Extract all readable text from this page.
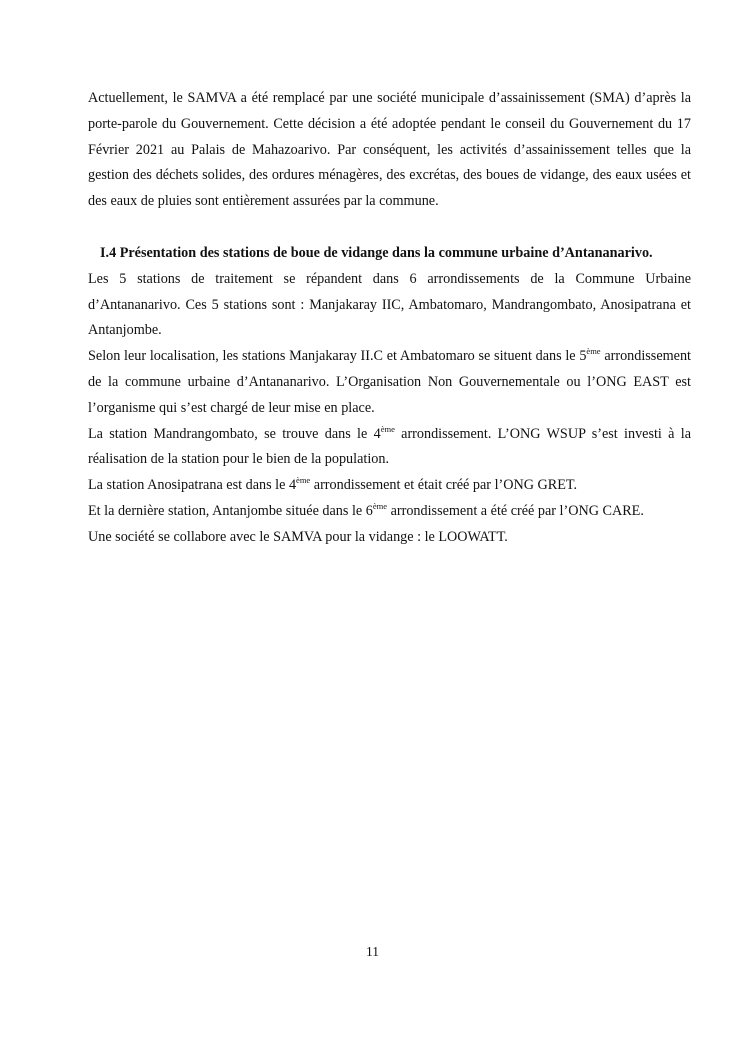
Actuellement, le SAMVA a été remplacé par une société municipale d’assainissement (SMA) d’après la porte-parole du Gouvernement. Cette décision a été adoptée pendant le conseil du Gouvernement du 17 Février 2021 au Palais de Mahazoarivo. Par conséquent, les activités d’assainissement telles que la gestion des déchets solides, des ordures ménagères, des excrétas, des boues de vidange, des eaux usées et des eaux de pluies sont entièrement assurées par la commune.

I.4 Présentation des stations de boue de vidange dans la commune urbaine d’Antananarivo.

Les 5 stations de traitement se répandent dans 6 arrondissements de la Commune Urbaine d’Antananarivo. Ces 5 stations sont : Manjakaray IIC, Ambatomaro, Mandrangombato, Anosipatrana et Antanjombe.

Selon leur localisation, les stations Manjakaray II.C et Ambatomaro se situent dans le 5ème arrondissement de la commune urbaine d’Antananarivo. L’Organisation Non Gouvernementale ou l’ONG EAST est l’organisme qui s’est chargé de leur mise en place.

La station Mandrangombato, se trouve dans le 4ème arrondissement. L’ONG WSUP s’est investi à la réalisation de la station pour le bien de la population.

La station Anosipatrana est dans le 4ème arrondissement et était créé par l’ONG GRET.

Et la dernière station, Antanjombe située dans le 6ème arrondissement a été créé par l’ONG CARE.

Une société se collabore avec le SAMVA pour la vidange : le LOOWATT.

11
